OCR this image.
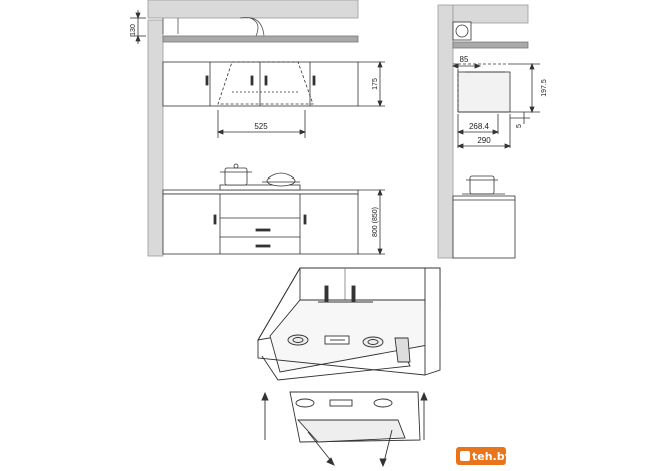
130
175
525
800 (850)
85
197.5
268.4
290
5
teh.by
